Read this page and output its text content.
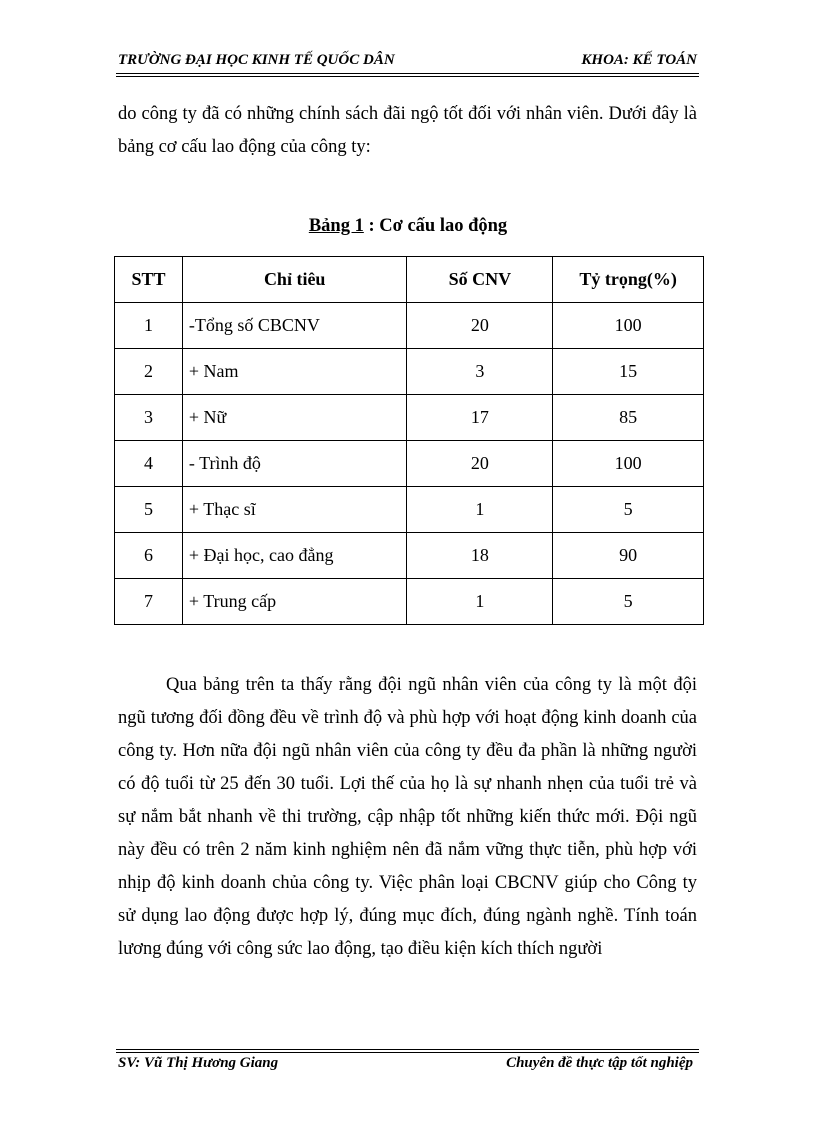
TRƯỜNG ĐẠI HỌC KINH TẾ QUỐC DÂN	KHOA: KẾ TOÁN
do công ty đã có những chính sách đãi ngộ tốt đối với nhân viên. Dưới đây là bảng cơ cấu lao động của công ty:
Bảng 1 : Cơ cấu lao động
STT	Chỉ tiêu	Số CNV	Tỷ trọng(%)
1	-Tổng số CBCNV	20	100
2	+ Nam	3	15
3	+ Nữ	17	85
4	- Trình độ	20	100
5	+ Thạc sĩ	1	5
6	+ Đại học, cao đẳng	18	90
7	+ Trung cấp	1	5
Qua bảng trên ta thấy rằng đội ngũ nhân viên của công ty là một đội ngũ tương đối đồng đều về trình độ và phù hợp với hoạt động kinh doanh của công ty. Hơn nữa đội ngũ nhân viên của công ty đều đa phần là những người có độ tuổi từ 25 đến 30 tuổi. Lợi thế của họ là sự nhanh nhẹn của tuổi trẻ và sự nắm bắt nhanh về thi trường, cập nhập tốt những kiến thức mới. Đội ngũ này đều có trên 2 năm kinh nghiệm nên đã nắm vững thực tiễn, phù hợp với nhịp độ kinh doanh chủa công ty. Việc phân loại CBCNV giúp cho Công ty sử dụng lao động được hợp lý, đúng mục đích, đúng ngành nghề. Tính toán lương đúng với công sức lao động, tạo điều kiện kích thích người
SV: Vũ Thị Hương Giang	Chuyên đề thực tập tốt nghiệp
